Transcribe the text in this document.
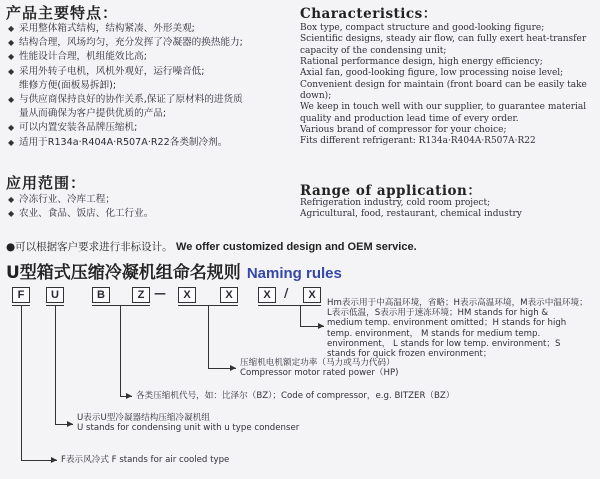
产品主要特点：
◆ 采用整体箱式结构，结构紧凑、外形美观;
◆ 结构合理，风场均匀，充分发挥了冷凝器的换热能力;
◆ 性能设计合理，机组能效比高;
◆ 采用外转子电机，风机外观好，运行噪音低;
维修方便(面板易拆卸);
◆ 与供应商保持良好的协作关系,保证了原材料的进货质
量从而确保为客户提供优质的产品;
◆ 可以内置安装各品牌压缩机;
◆ 适用于R134a·R404A·R507A·R22各类制冷剂。
Characteristics：
Box type, compact structure and good-looking figure;
Scientific designs, steady air flow, can fully exert heat-transfer
capacity of the condensing unit;
Rational performance design, high energy efficiency;
Axial fan, good-looking figure, low processing noise level;
Convenient design for maintain (front board can be easily take
down);
We keep in touch well with our supplier, to guarantee material
quality and production lead time of every order.
Various brand of compressor for your choice;
Fits different refrigerant: R134a·R404A·R507A·R22
应用范围：
◆ 冷冻行业、冷库工程；
◆ 农业、食品、饭店、化工行业。
Range of application：
Refrigeration industry, cold room project;
Agricultural, food, restaurant, chemical industry
●可以根据客户要求进行非标设计。 We offer customized design and OEM service.
U型箱式压缩冷凝机组命名规则 Naming rules
F	U	B	Z —	X	X	X	/	X
Hm表示用于中高温环境，省略；H表示高温环境，M表示中温环境；
L表示低温，S表示用于速冻环境；HM stands for high &
medium temp. environment omitted；H stands for high
temp. environment， M stands for medium temp.
environment， L stands for low temp. environment；S
stands for quick frozen environment；
压缩机电机额定功率（马力或马力代码）
Compressor motor rated power（HP)
各类压缩机代号，如：比泽尔（BZ）；Code of compressor，e.g. BITZER（BZ）
U表示U型冷凝器结构压缩冷凝机组
U stands for condensing unit with u type condenser
F表示风冷式 F stands for air cooled type
